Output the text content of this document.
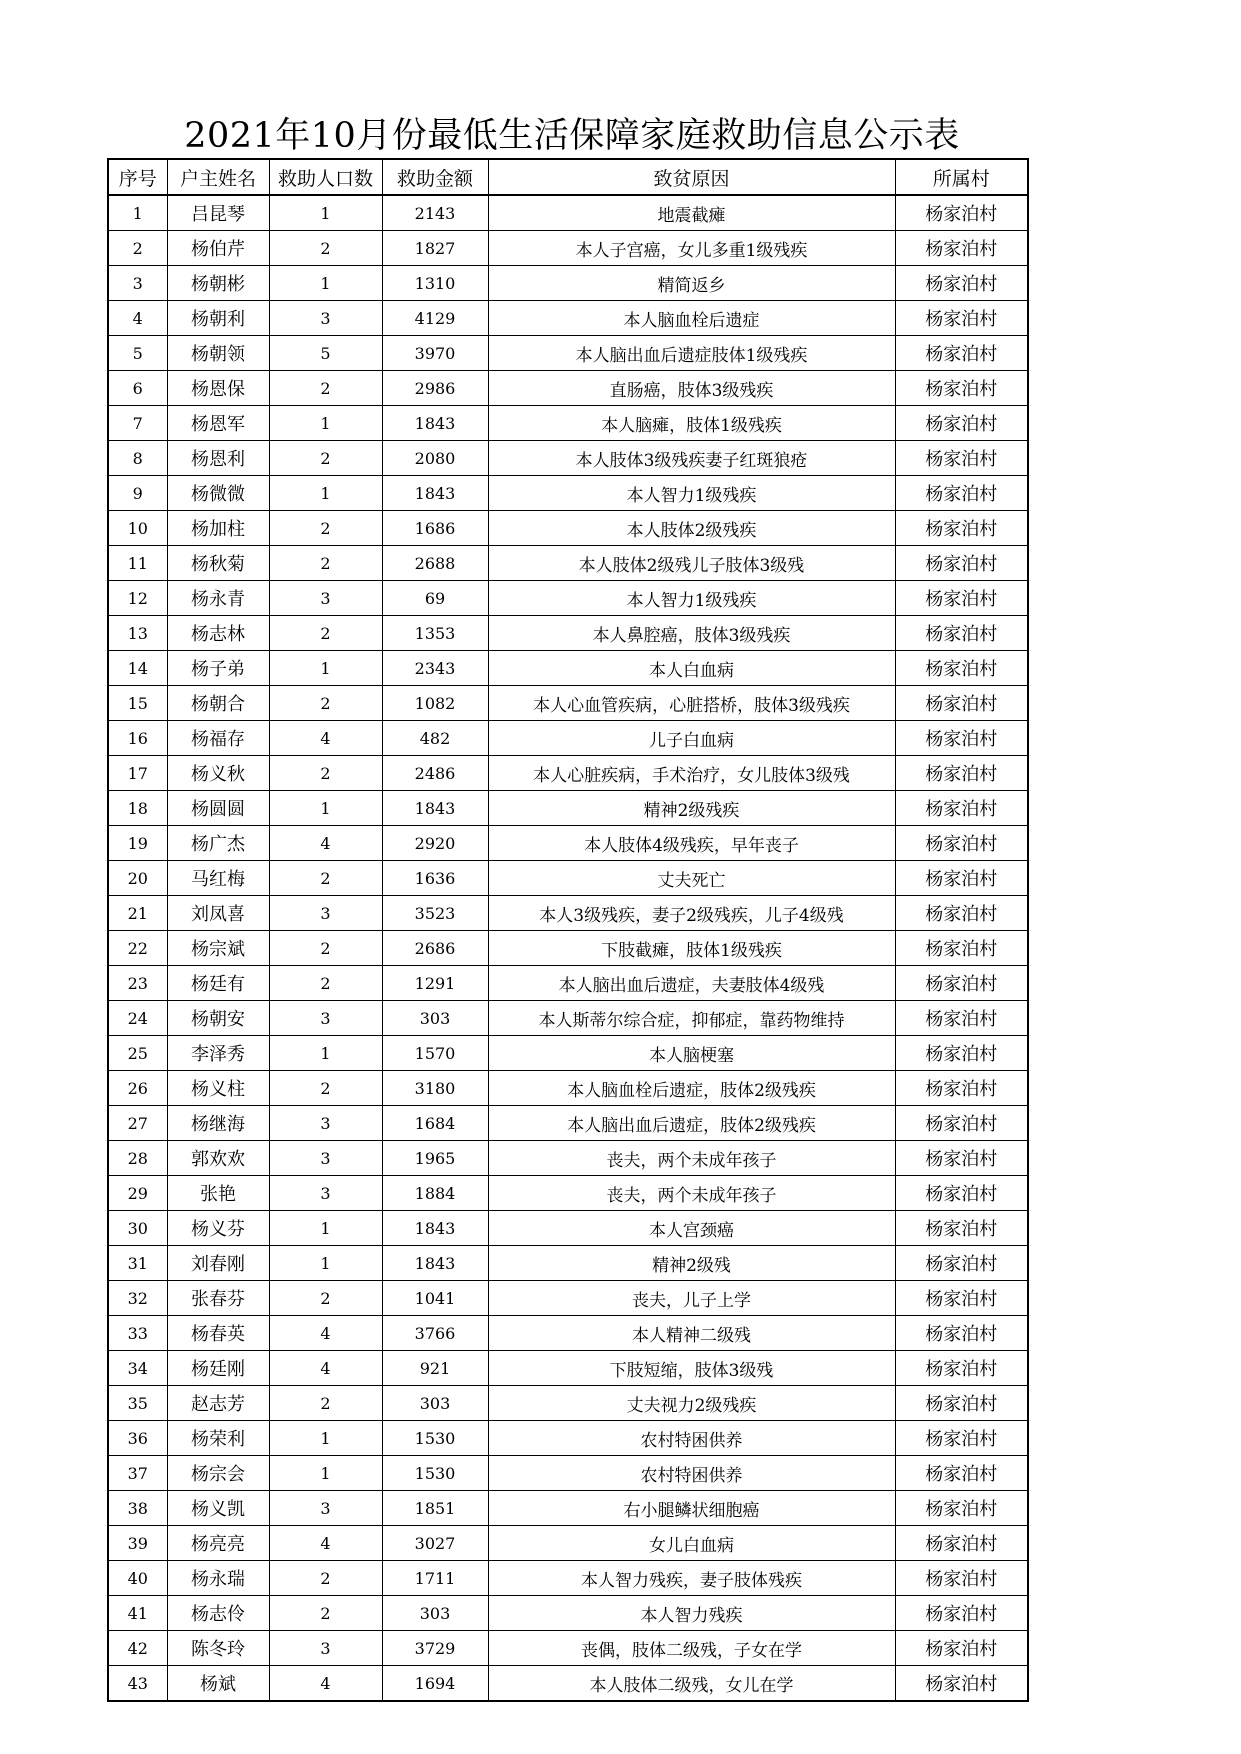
2021年10月份最低生活保障家庭救助信息公示表
序号	户主姓名	救助人口数	救助金额	致贫原因	所属村
1	吕昆琴	1	2143	地震截瘫	杨家泊村
2	杨伯芹	2	1827	本人子宫癌，女儿多重1级残疾	杨家泊村
3	杨朝彬	1	1310	精简返乡	杨家泊村
4	杨朝利	3	4129	本人脑血栓后遗症	杨家泊村
5	杨朝领	5	3970	本人脑出血后遗症肢体1级残疾	杨家泊村
6	杨恩保	2	2986	直肠癌，肢体3级残疾	杨家泊村
7	杨恩军	1	1843	本人脑瘫，肢体1级残疾	杨家泊村
8	杨恩利	2	2080	本人肢体3级残疾妻子红斑狼疮	杨家泊村
9	杨微微	1	1843	本人智力1级残疾	杨家泊村
10	杨加柱	2	1686	本人肢体2级残疾	杨家泊村
11	杨秋菊	2	2688	本人肢体2级残儿子肢体3级残	杨家泊村
12	杨永青	3	69	本人智力1级残疾	杨家泊村
13	杨志林	2	1353	本人鼻腔癌，肢体3级残疾	杨家泊村
14	杨子弟	1	2343	本人白血病	杨家泊村
15	杨朝合	2	1082	本人心血管疾病，心脏搭桥，肢体3级残疾	杨家泊村
16	杨福存	4	482	儿子白血病	杨家泊村
17	杨义秋	2	2486	本人心脏疾病，手术治疗，女儿肢体3级残	杨家泊村
18	杨圆圆	1	1843	精神2级残疾	杨家泊村
19	杨广杰	4	2920	本人肢体4级残疾，早年丧子	杨家泊村
20	马红梅	2	1636	丈夫死亡	杨家泊村
21	刘凤喜	3	3523	本人3级残疾，妻子2级残疾，儿子4级残	杨家泊村
22	杨宗斌	2	2686	下肢截瘫，肢体1级残疾	杨家泊村
23	杨廷有	2	1291	本人脑出血后遗症，夫妻肢体4级残	杨家泊村
24	杨朝安	3	303	本人斯蒂尔综合症，抑郁症，靠药物维持	杨家泊村
25	李泽秀	1	1570	本人脑梗塞	杨家泊村
26	杨义柱	2	3180	本人脑血栓后遗症，肢体2级残疾	杨家泊村
27	杨继海	3	1684	本人脑出血后遗症，肢体2级残疾	杨家泊村
28	郭欢欢	3	1965	丧夫，两个未成年孩子	杨家泊村
29	张艳	3	1884	丧夫，两个未成年孩子	杨家泊村
30	杨义芬	1	1843	本人宫颈癌	杨家泊村
31	刘春刚	1	1843	精神2级残	杨家泊村
32	张春芬	2	1041	丧夫，儿子上学	杨家泊村
33	杨春英	4	3766	本人精神二级残	杨家泊村
34	杨廷刚	4	921	下肢短缩，肢体3级残	杨家泊村
35	赵志芳	2	303	丈夫视力2级残疾	杨家泊村
36	杨荣利	1	1530	农村特困供养	杨家泊村
37	杨宗会	1	1530	农村特困供养	杨家泊村
38	杨义凯	3	1851	右小腿鳞状细胞癌	杨家泊村
39	杨亮亮	4	3027	女儿白血病	杨家泊村
40	杨永瑞	2	1711	本人智力残疾，妻子肢体残疾	杨家泊村
41	杨志伶	2	303	本人智力残疾	杨家泊村
42	陈冬玲	3	3729	丧偶，肢体二级残，子女在学	杨家泊村
43	杨斌	4	1694	本人肢体二级残，女儿在学	杨家泊村
